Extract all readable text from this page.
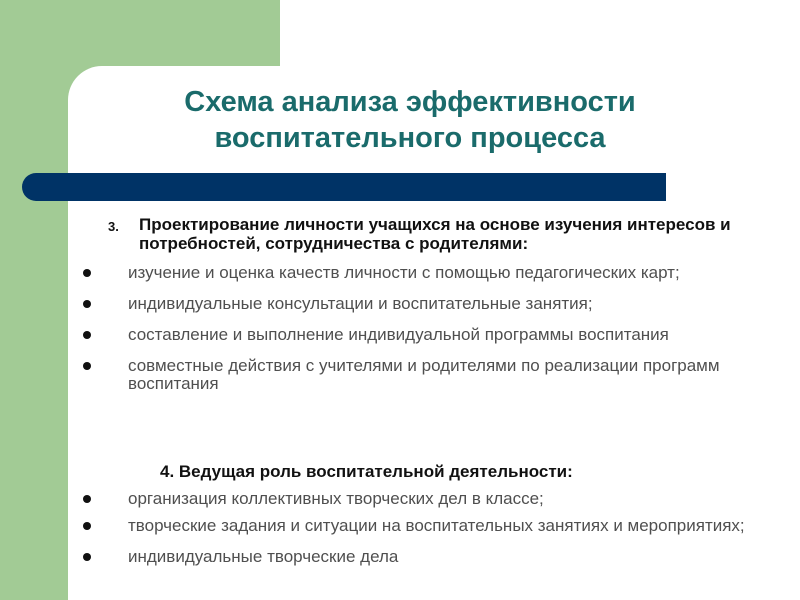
Схема анализа эффективности
воспитательного процесса
3. Проектирование личности учащихся на основе изучения интересов и потребностей, сотрудничества с родителями:
изучение и оценка качеств личности с помощью педагогических карт;
индивидуальные консультации и воспитательные занятия;
составление и выполнение индивидуальной программы воспитания
совместные действия с учителями и родителями по реализации программ воспитания
4. Ведущая роль воспитательной деятельности:
организация коллективных творческих дел в классе;
творческие задания и ситуации на воспитательных занятиях и мероприятиях;
индивидуальные творческие дела
